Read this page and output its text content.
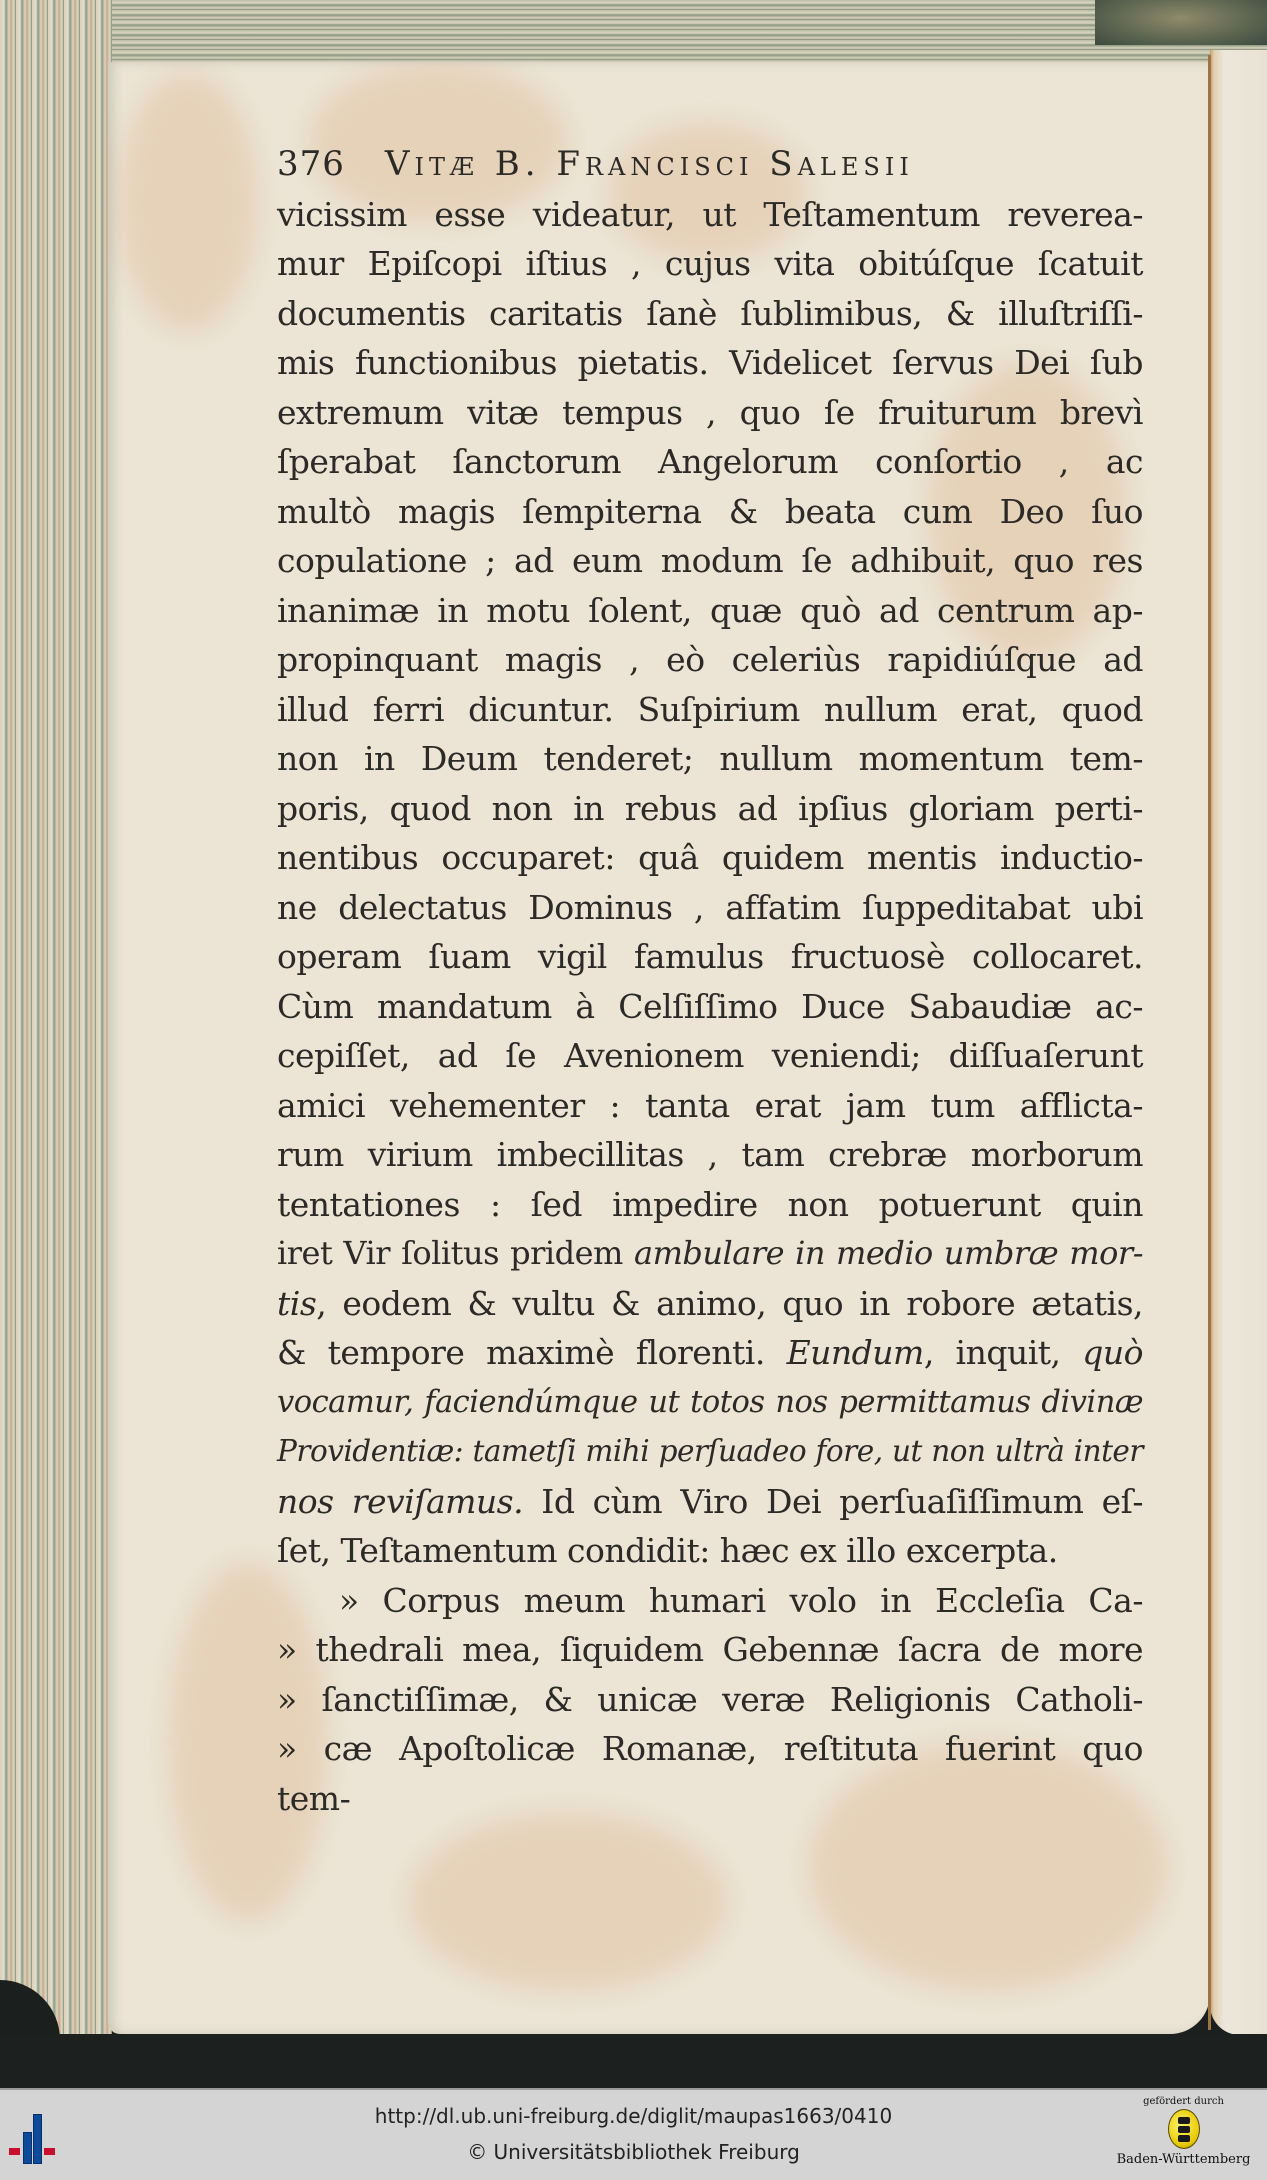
376	Vitæ B. Francisci Salesii
vicissim esse videatur, ut Teſtamentum reverea-
mur Epiſcopi iſtius , cujus vita obitúſque ſcatuit
documentis caritatis ſanè ſublimibus, & illuſtriſſi-
mis functionibus pietatis. Videlicet ſervus Dei ſub
extremum vitæ tempus , quo ſe fruiturum brevì
ſperabat ſanctorum Angelorum conſortio , ac
multò magis ſempiterna & beata cum Deo ſuo
copulatione ; ad eum modum ſe adhibuit, quo res
inanimæ in motu ſolent, quæ quò ad centrum ap-
propinquant magis , eò celeriùs rapidiúſque ad
illud ferri dicuntur. Suſpirium nullum erat, quod
non in Deum tenderet; nullum momentum tem-
poris, quod non in rebus ad ipſius gloriam perti-
nentibus occuparet: quâ quidem mentis inductio-
ne delectatus Dominus , affatim ſuppeditabat ubi
operam ſuam vigil famulus fructuosè collocaret.
Cùm mandatum à Celſiſſimo Duce Sabaudiæ ac-
cepiſſet, ad ſe Avenionem veniendi; diſſuaſerunt
amici vehementer : tanta erat jam tum afflicta-
rum virium imbecillitas , tam crebræ morborum
tentationes : ſed impedire non potuerunt quin
iret Vir ſolitus pridem ambulare in medio umbræ mor-
tis, eodem & vultu & animo, quo in robore ætatis,
& tempore maximè florenti. Eundum, inquit, quò
vocamur, faciendúmque ut totos nos permittamus divinæ
Providentiæ: tametſi mihi perſuadeo fore, ut non ultrà inter
nos reviſamus. Id cùm Viro Dei perſuaſiſſimum eſ-
ſet, Teſtamentum condidit: hæc ex illo excerpta.
» Corpus meum humari volo in Eccleſia Ca-
» thedrali mea, ſiquidem Gebennæ ſacra de more
» ſanctiſſimæ, & unicæ veræ Religionis Catholi-
» cæ Apoſtolicæ Romanæ, reſtituta fuerint quo
tem-
http://dl.ub.uni-freiburg.de/diglit/maupas1663/0410
© Universitätsbibliothek Freiburg
gefördert durch
Baden-Württemberg
